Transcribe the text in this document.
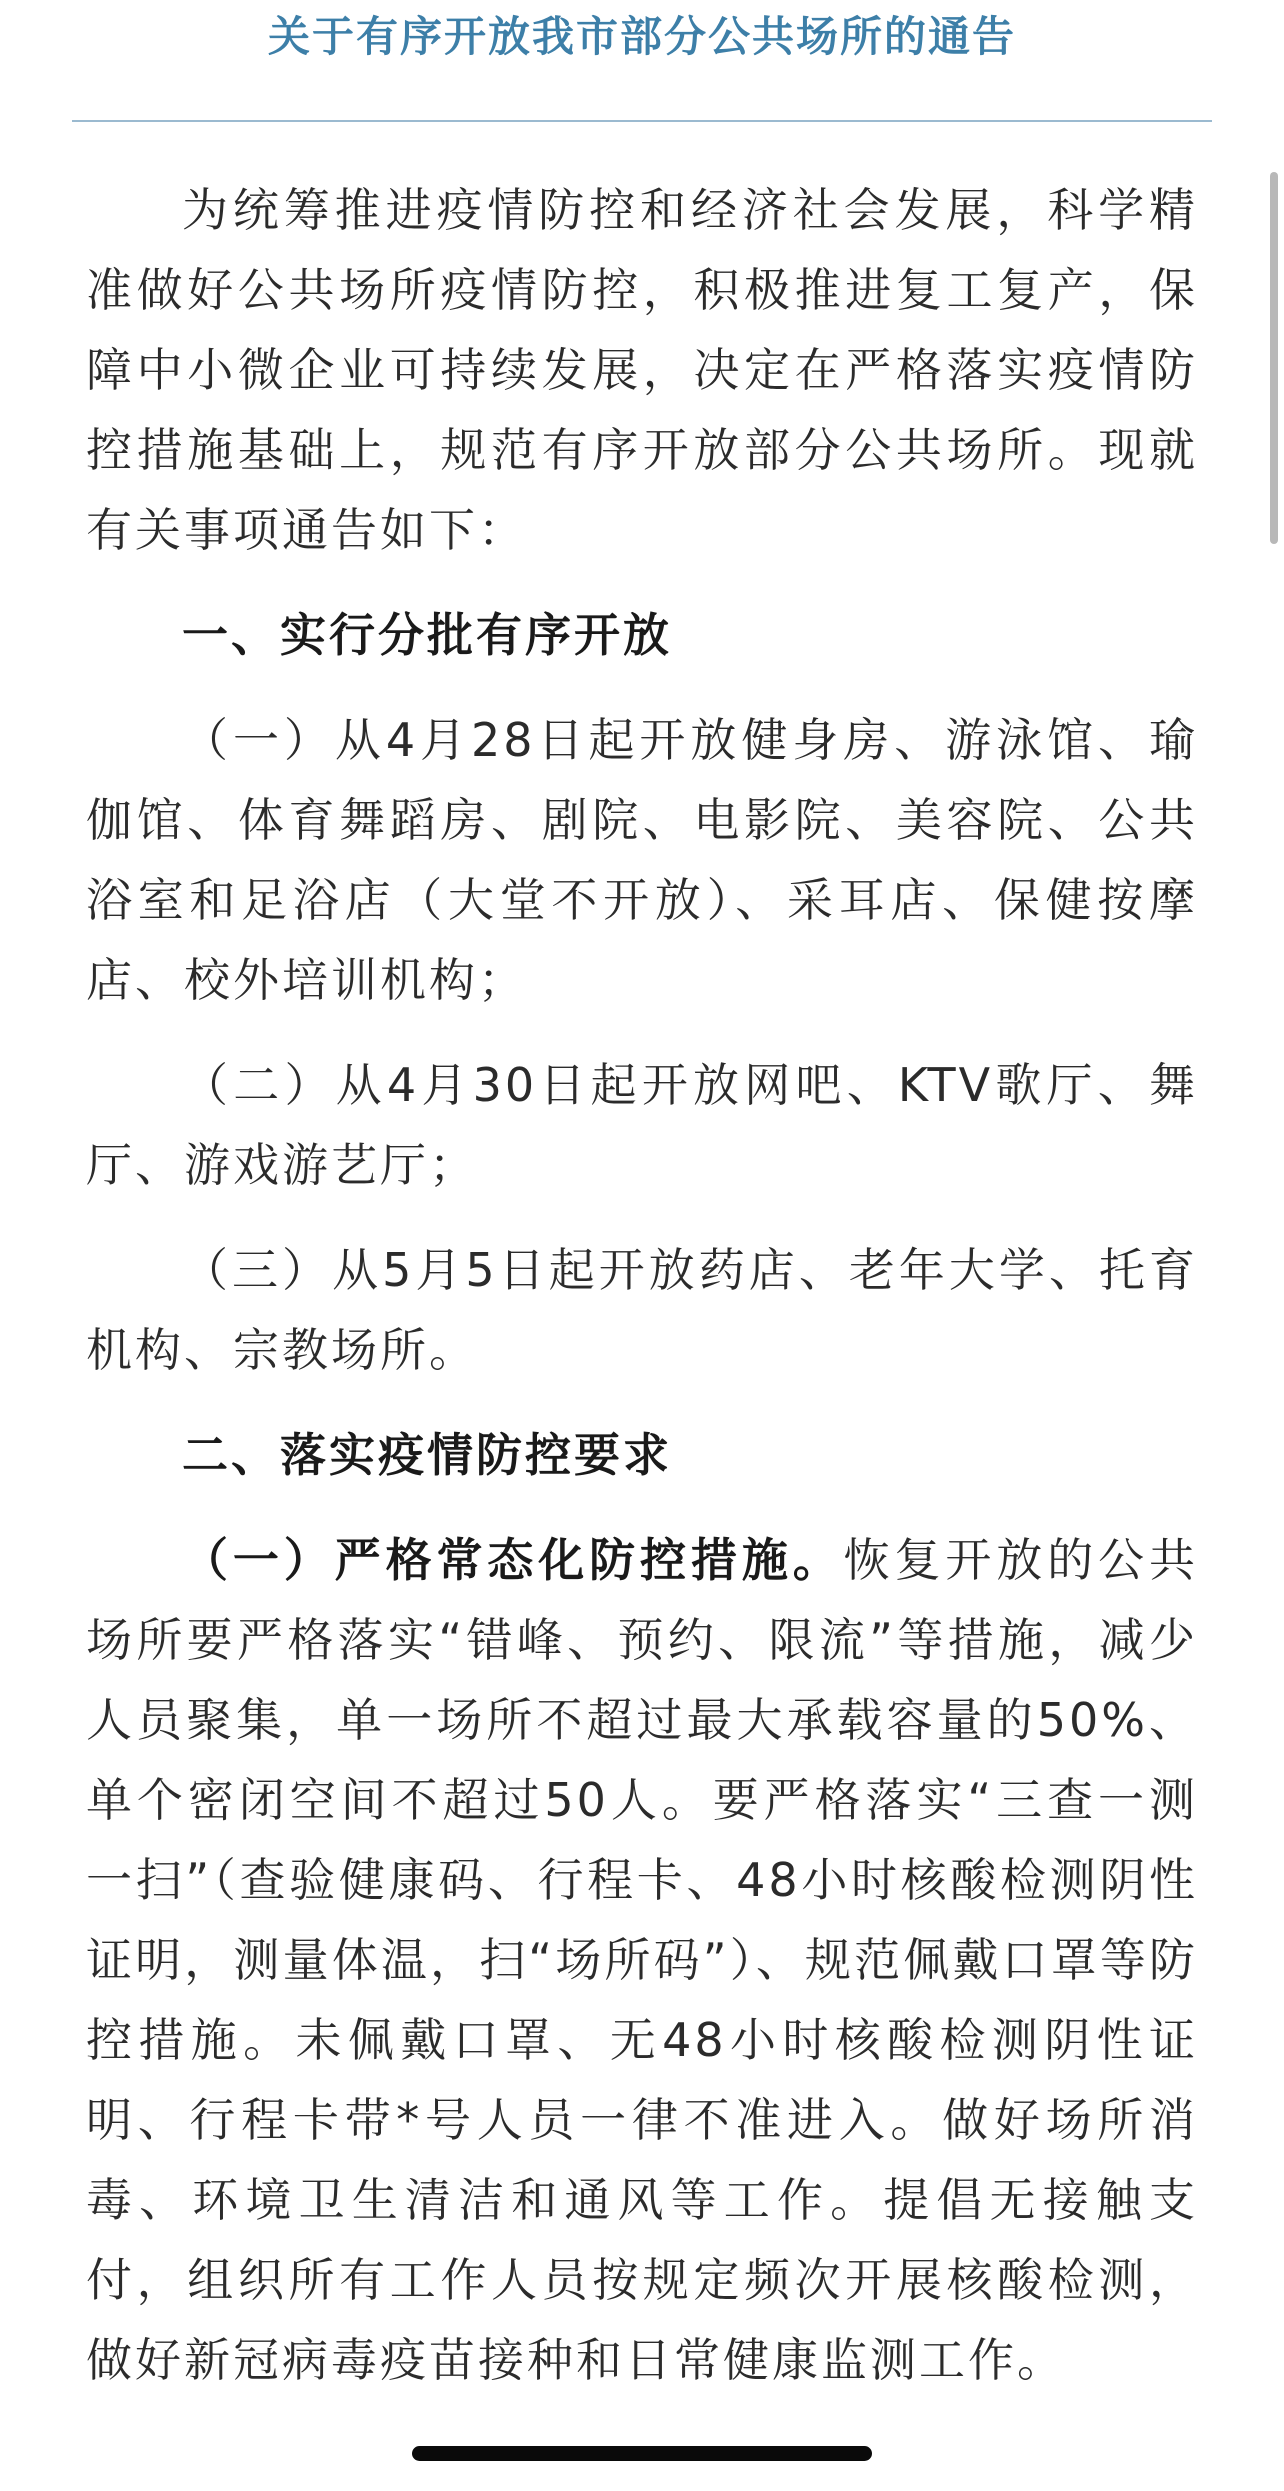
关于有序开放我市部分公共场所的通告

为统筹推进疫情防控和经济社会发展，科学精准做好公共场所疫情防控，积极推进复工复产，保障中小微企业可持续发展，决定在严格落实疫情防控措施基础上，规范有序开放部分公共场所。现就有关事项通告如下：

一、实行分批有序开放

（一）从4月28日起开放健身房、游泳馆、瑜伽馆、体育舞蹈房、剧院、电影院、美容院、公共浴室和足浴店（大堂不开放）、采耳店、保健按摩店、校外培训机构；

（二）从4月30日起开放网吧、KTV歌厅、舞厅、游戏游艺厅；

（三）从5月5日起开放药店、老年大学、托育机构、宗教场所。

二、落实疫情防控要求

（一）严格常态化防控措施。恢复开放的公共场所要严格落实“错峰、预约、限流”等措施，减少人员聚集，单一场所不超过最大承载容量的50%、单个密闭空间不超过50人。要严格落实“三查一测一扫”（查验健康码、行程卡、48小时核酸检测阴性证明，测量体温，扫“场所码”）、规范佩戴口罩等防控措施。未佩戴口罩、无48小时核酸检测阴性证明、行程卡带*号人员一律不准进入。做好场所消毒、环境卫生清洁和通风等工作。提倡无接触支付，组织所有工作人员按规定频次开展核酸检测，做好新冠病毒疫苗接种和日常健康监测工作。
